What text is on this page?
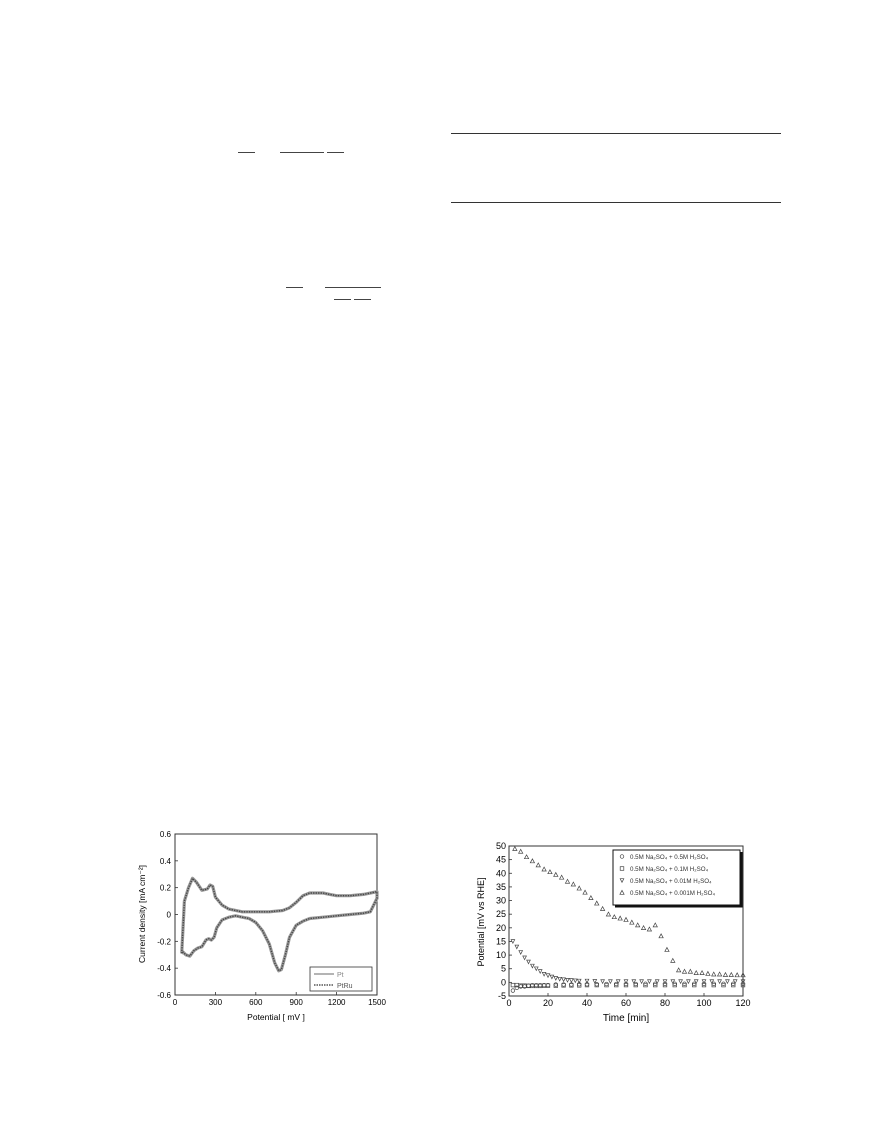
0	300	600	900	1200	1500
-0.6
-0.4
-0.2
0
0.2
0.4
0.6
Current density [mA cm⁻²]
Potential [ mV ]
Pt
PtRu
0	20	40	60	80	100	120
-5
0
5
10
15
20
25
30
35
40
45
50
Potential [mV vs RHE]
Time [min]
0.5M Na₂SO₄ + 0.5M H₂SO₄
0.5M Na₂SO₄ + 0.1M H₂SO₄
0.5M Na₂SO₄ + 0.01M H₂SO₄
0.5M Na₂SO₄ + 0.001M H₂SO₄
